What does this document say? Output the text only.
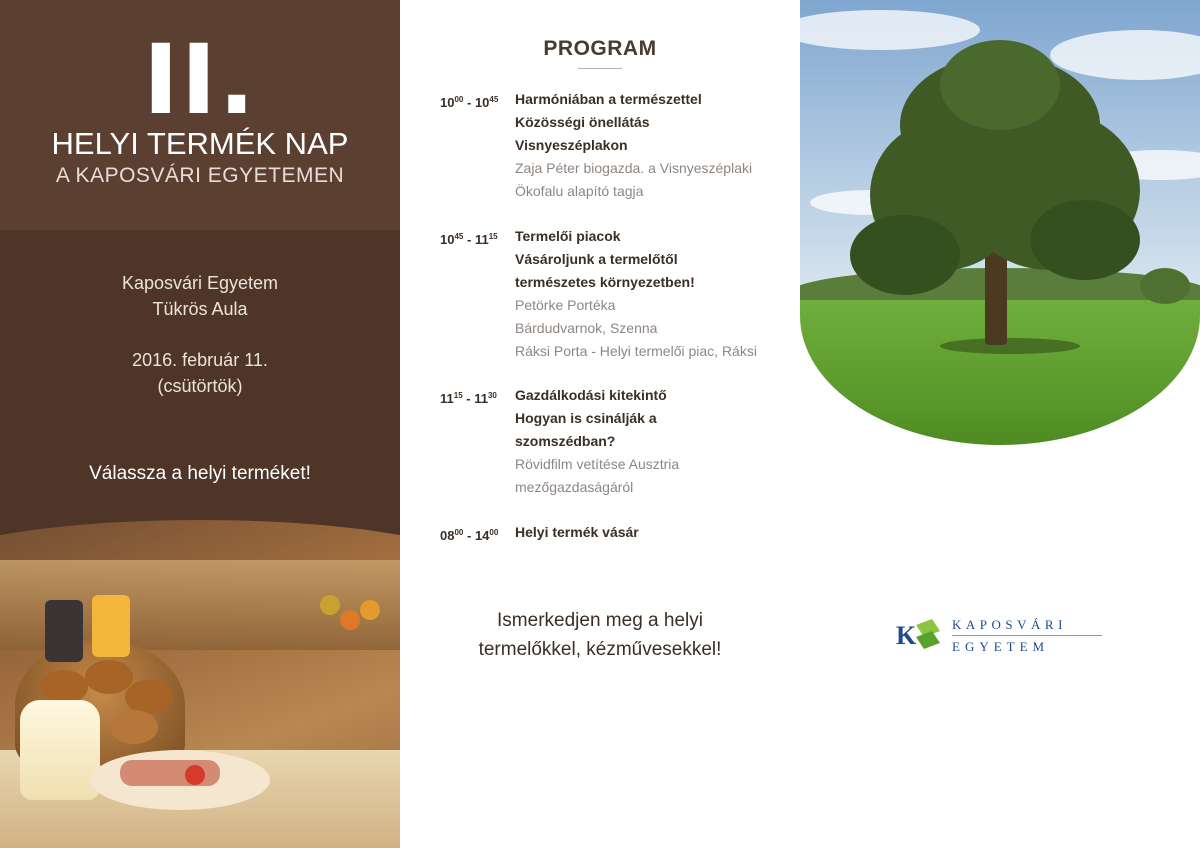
II.
HELYI TERMÉK NAP
A KAPOSVÁRI EGYETEMEN
Kaposvári Egyetem
Tükrös Aula
2016. február 11.
(csütörtök)
Válassza a helyi terméket!
PROGRAM
$10^{00} - 10^{45}$	Harmóniában a természettel
Közösségi önellátás
Visnyeszéplakon
Zaja Péter biogazda. a Visnyeszéplaki
Ökofalu alapító tagja
$10^{45} - 11^{15}$	Termelői piacok
Vásároljunk a termelőtől
természetes környezetben!
Petörke Portéka
Bárdudvarnok, Szenna
Ráksi Porta - Helyi termelői piac, Ráksi
$11^{15} - 11^{30}$	Gazdálkodási kitekintő
Hogyan is csinálják a
szomszédban?
Rövidfilm vetítése Ausztria
mezőgazdaságáról
$08^{00} - 14^{00}$	Helyi termék vásár
Ismerkedjen meg a helyi
termelőkkel, kézművesekkel!	K	KAPOSVÁRI
EGYETEM
